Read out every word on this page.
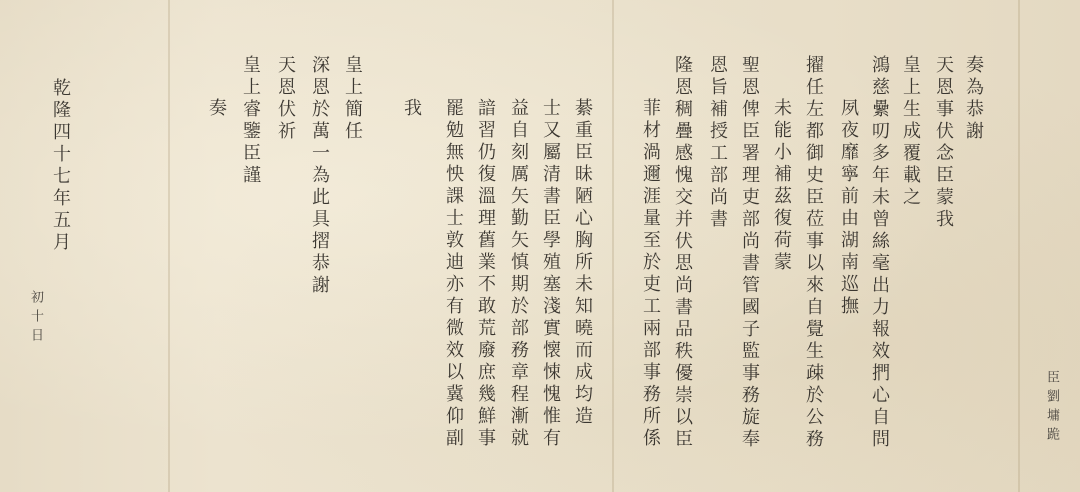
臣劉墉跪
奏為恭謝
天恩事伏念臣蒙我
皇上生成覆載之
鴻慈纍叨多年未曾絲毫出力報效捫心自問
夙夜靡寧前由湖南巡撫
擢任左都御史臣莅事以來自覺生疎於公務
未能小補茲復荷蒙
聖恩俾臣署理吏部尚書管國子監事務旋奉
恩旨補授工部尚書
隆恩稠疊感愧交并伏思尚書品秩優崇以臣
菲材渦邇涯量至於吏工兩部事務所係
綦重臣昧陋心胸所未知曉而成均造
士又屬清書臣學殖塞淺實懐悚愧惟有
益自刻厲矢勤矢慎期於部務章程漸就
諳習仍復溫理舊業不敢荒廢庶幾鮮事
罷勉無怏課士敦迪亦有微效以冀仰副
我
皇上簡任
深恩於萬一為此具摺恭謝
天恩伏祈
皇上睿鑒臣謹
奏
乾隆四十七年五月
初十日
